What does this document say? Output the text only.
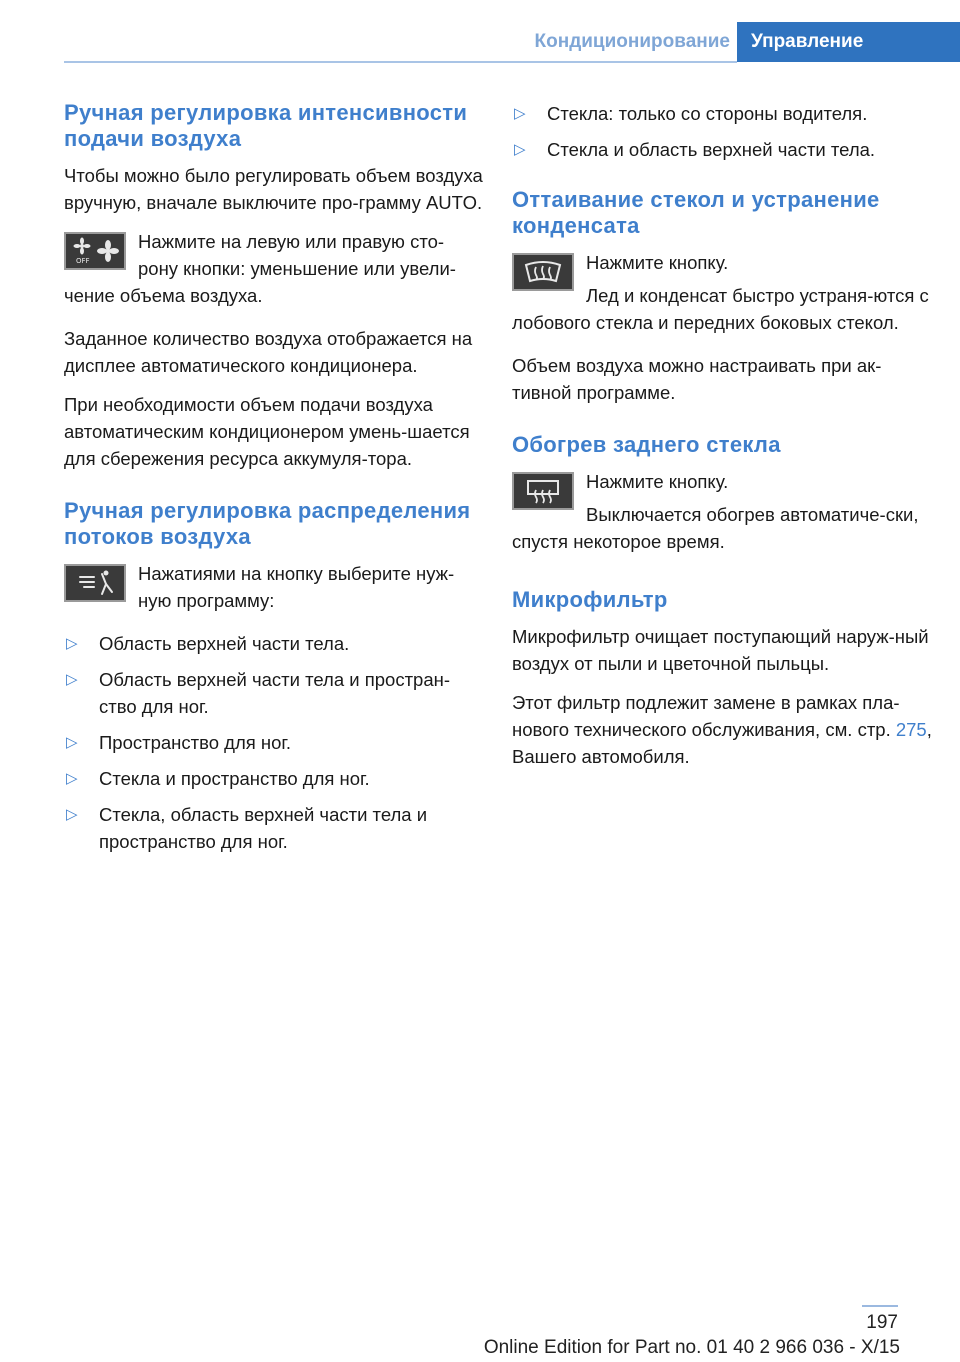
Кондиционирование	Управление
Ручная регулировка интенсивности подачи воздуха

Чтобы можно было регулировать объем воздуха вручную, вначале выключите про-грамму AUTO.

OFF

Нажмите на левую или правую сто-рону кнопки: уменьшение или увели-чение объема воздуха.

Заданное количество воздуха отображается на дисплее автоматического кондиционера.

При необходимости объем подачи воздуха автоматическим кондиционером умень-шается для сбережения ресурса аккумуля-тора.

Ручная регулировка распределения потоков воздуха

Нажатиями на кнопку выберите нуж-ную программу:

▷ Область верхней части тела.
▷ Область верхней части тела и простран-ство для ног.
▷ Пространство для ног.
▷ Стекла и пространство для ног.
▷ Стекла, область верхней части тела и пространство для ног.
▷ Стекла: только со стороны водителя.
▷ Стекла и область верхней части тела.
Оттаивание стекол и устранение конденсата

Нажмите кнопку.

Лед и конденсат быстро устраня-ются с лобового стекла и передних боковых стекол.

Объем воздуха можно настраивать при ак-тивной программе.

Обогрев заднего стекла

Нажмите кнопку.

Выключается обогрев автоматиче-ски, спустя некоторое время.

Микрофильтр

Микрофильтр очищает поступающий наруж-ный воздух от пыли и цветочной пыльцы.

Этот фильтр подлежит замене в рамках пла-нового технического обслуживания, см. стр. 275, Вашего автомобиля.

197
Online Edition for Part no. 01 40 2 966 036 - X/15
